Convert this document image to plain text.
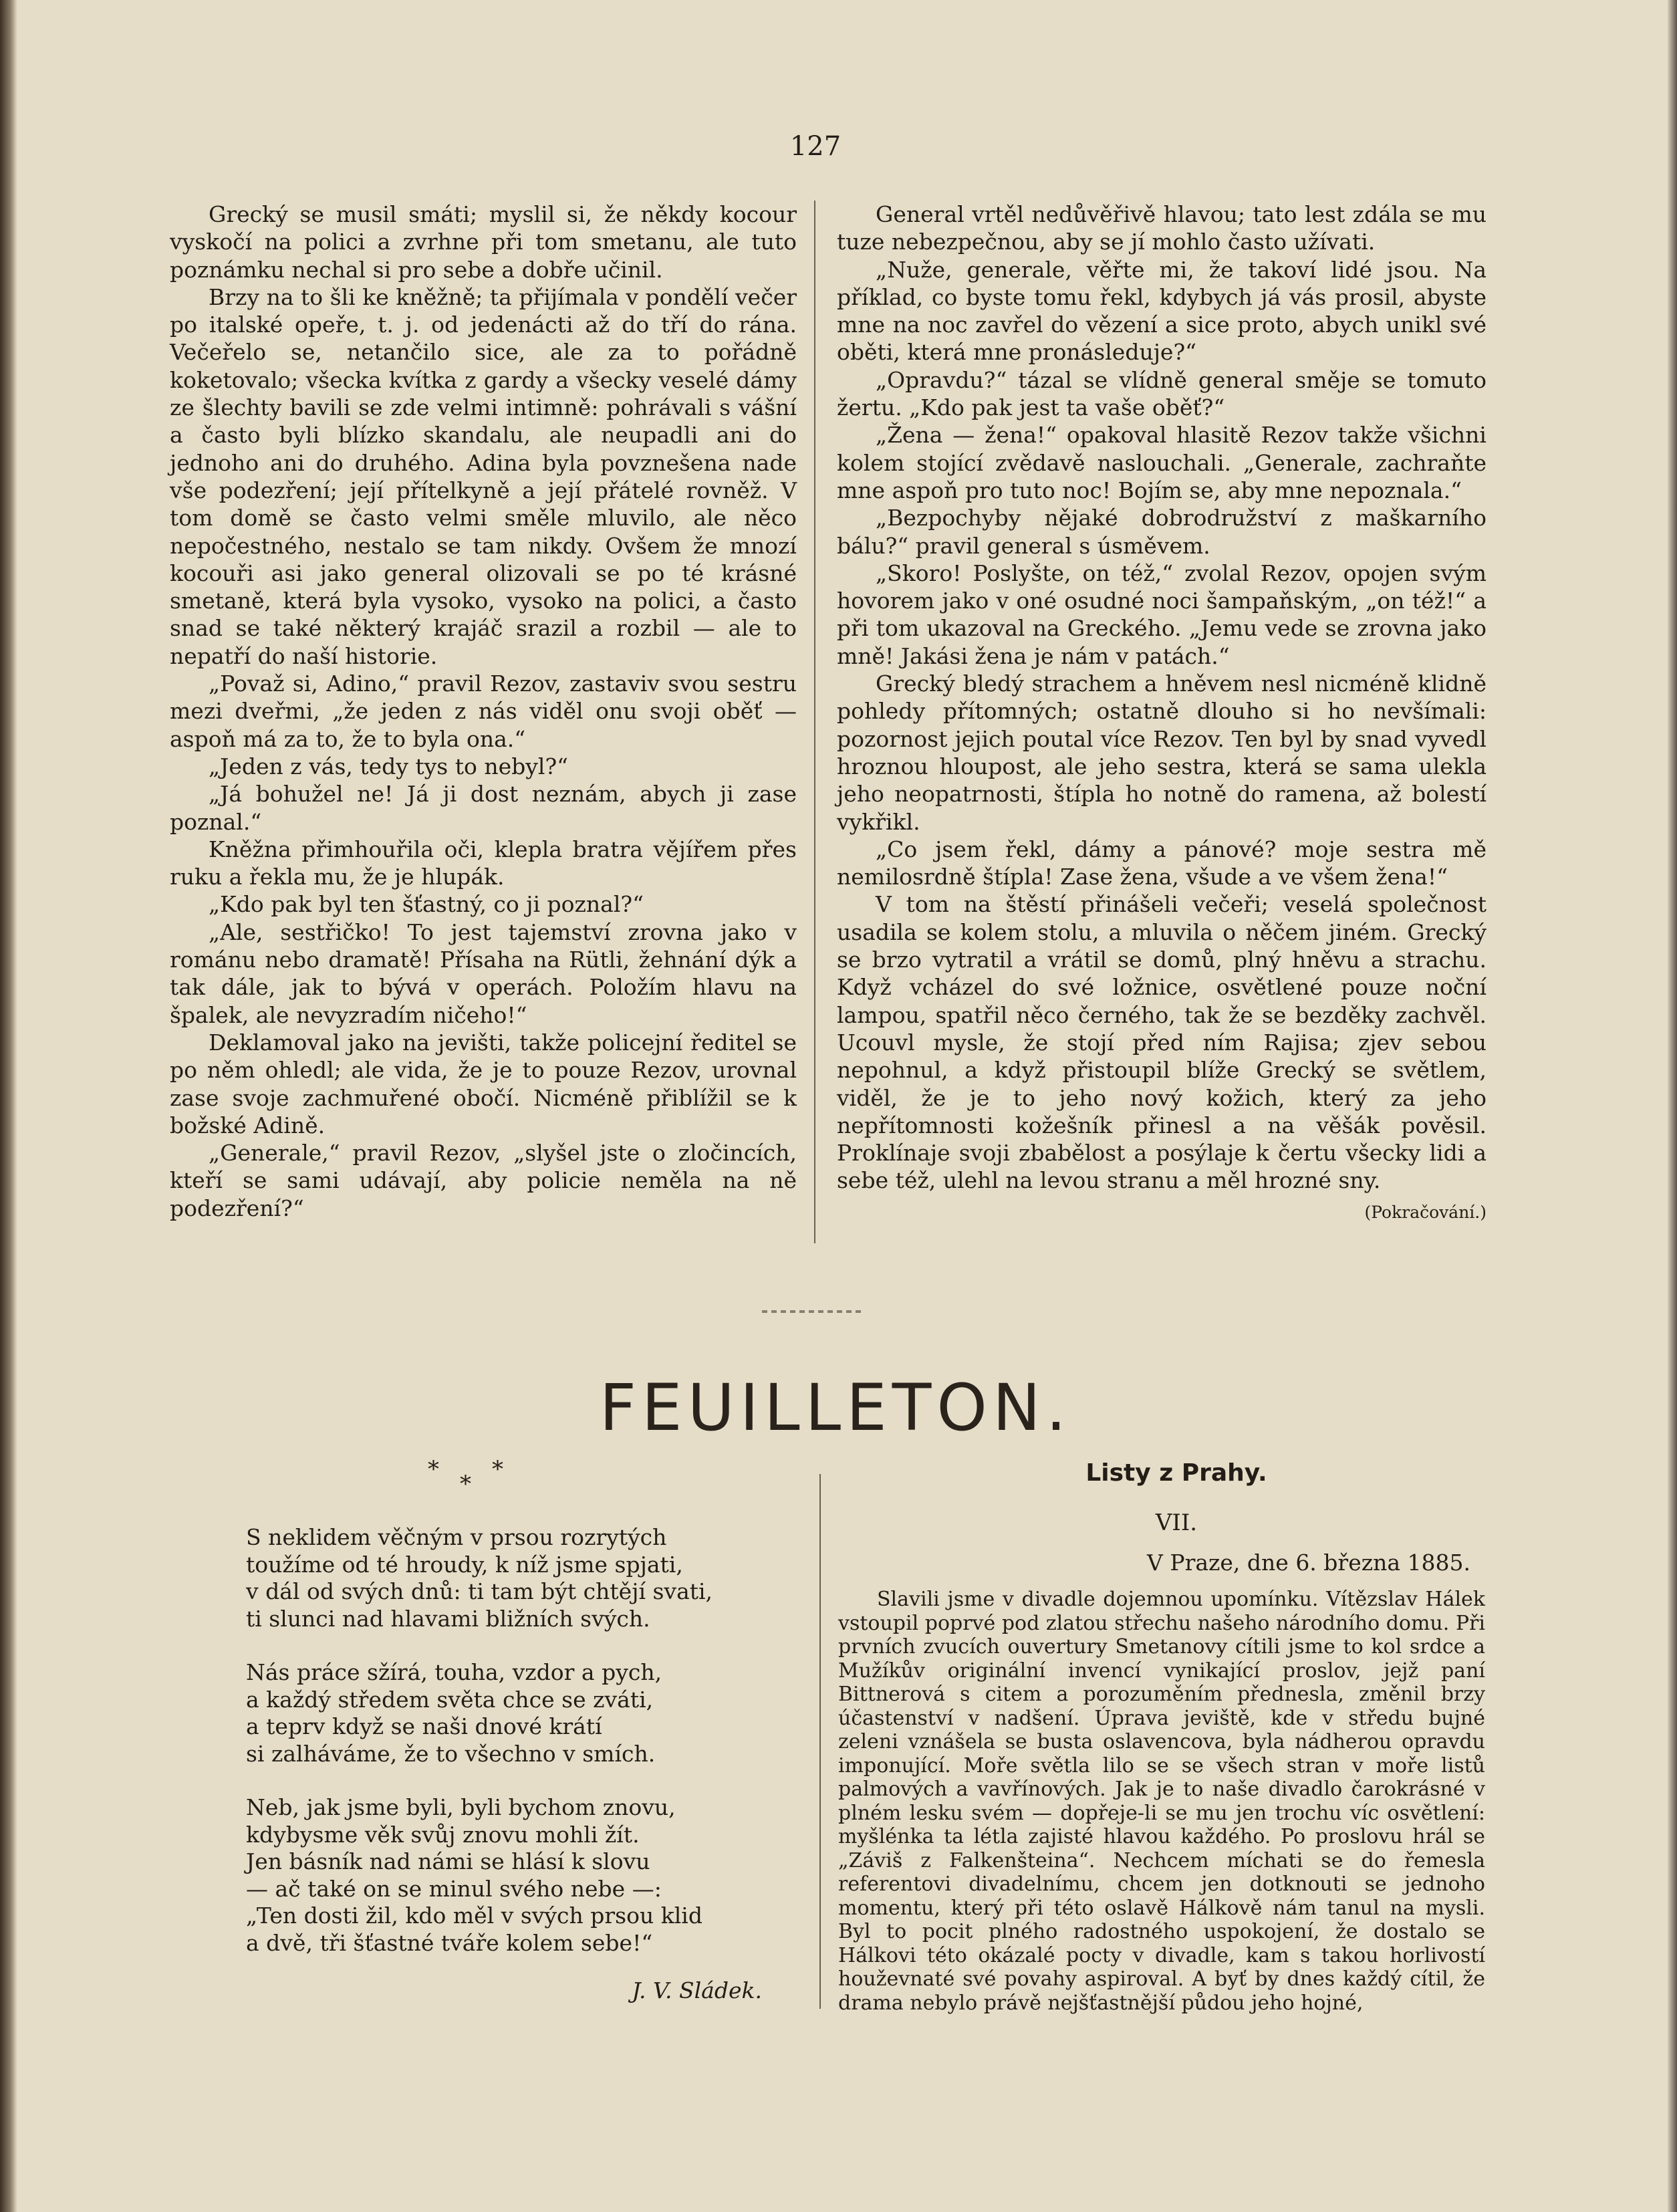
127

Grecký se musil smáti; myslil si, že někdy kocour vyskočí na polici a zvrhne při tom smetanu, ale tuto poznámku nechal si pro sebe a dobře učinil.

Brzy na to šli ke kněžně; ta přijímala v pondělí večer po italské opeře, t. j. od jedenácti až do tří do rána. Večeřelo se, netančilo sice, ale za to pořádně koketovalo; všecka kvítka z gardy a všecky veselé dámy ze šlechty bavili se zde velmi intimně: pohrávali s vášní a často byli blízko skandalu, ale neupadli ani do jednoho ani do druhého. Adina byla povznešena nade vše podezření; její přítelkyně a její přátelé rovněž. V tom domě se často velmi směle mluvilo, ale něco nepočestného, nestalo se tam nikdy. Ovšem že mnozí kocouři asi jako general olizovali se po té krásné smetaně, která byla vysoko, vysoko na polici, a často snad se také některý krajáč srazil a rozbil — ale to nepatří do naší historie.

„Považ si, Adino,“ pravil Rezov, zastaviv svou sestru mezi dveřmi, „že jeden z nás viděl onu svoji oběť — aspoň má za to, že to byla ona.“

„Jeden z vás, tedy tys to nebyl?“

„Já bohužel ne! Já ji dost neznám, abych ji zase poznal.“

Kněžna přimhouřila oči, klepla bratra vějířem přes ruku a řekla mu, že je hlupák.

„Kdo pak byl ten šťastný, co ji poznal?“

„Ale, sestřičko! To jest tajemství zrovna jako v románu nebo dramatě! Přísaha na Rütli, žehnání dýk a tak dále, jak to bývá v operách. Položím hlavu na špalek, ale nevyzradím ničeho!“

Deklamoval jako na jevišti, takže policejní ředitel se po něm ohledl; ale vida, že je to pouze Rezov, urovnal zase svoje zachmuřené obočí. Nicméně přiblížil se k božské Adině.

„Generale,“ pravil Rezov, „slyšel jste o zločincích, kteří se sami udávají, aby policie neměla na ně podezření?“

General vrtěl nedůvěřivě hlavou; tato lest zdála se mu tuze nebezpečnou, aby se jí mohlo často užívati.

„Nuže, generale, věřte mi, že takoví lidé jsou. Na příklad, co byste tomu řekl, kdybych já vás prosil, abyste mne na noc zavřel do vězení a sice proto, abych unikl své oběti, která mne pronásleduje?“

„Opravdu?“ tázal se vlídně general směje se tomuto žertu. „Kdo pak jest ta vaše oběť?“

„Žena — žena!“ opakoval hlasitě Rezov takže všichni kolem stojící zvědavě naslouchali. „Generale, zachraňte mne aspoň pro tuto noc! Bojím se, aby mne nepoznala.“

„Bezpochyby nějaké dobrodružství z maškarního bálu?“ pravil general s úsměvem.

„Skoro! Poslyšte, on též,“ zvolal Rezov, opojen svým hovorem jako v oné osudné noci šampaňským, „on též!“ a při tom ukazoval na Greckého. „Jemu vede se zrovna jako mně! Jakási žena je nám v patách.“

Grecký bledý strachem a hněvem nesl nicméně klidně pohledy přítomných; ostatně dlouho si ho nevšímali: pozornost jejich poutal více Rezov. Ten byl by snad vyvedl hroznou hloupost, ale jeho sestra, která se sama ulekla jeho neopatrnosti, štípla ho notně do ramena, až bolestí vykřikl.

„Co jsem řekl, dámy a pánové? moje sestra mě nemilosrdně štípla! Zase žena, všude a ve všem žena!“

V tom na štěstí přinášeli večeři; veselá společnost usadila se kolem stolu, a mluvila o něčem jiném. Grecký se brzo vytratil a vrátil se domů, plný hněvu a strachu. Když vcházel do své ložnice, osvětlené pouze noční lampou, spatřil něco černého, tak že se bezděky zachvěl. Ucouvl mysle, že stojí před ním Rajisa; zjev sebou nepohnul, a když přistoupil blíže Grecký se světlem, viděl, že je to jeho nový kožich, který za jeho nepřítomnosti kožešník přinesl a na věšák pověsil. Proklínaje svoji zbabělost a posýlaje k čertu všecky lidi a sebe též, ulehl na levou stranu a měl hrozné sny.
(Pokračování.)

FEUILLETON.
*
*
*
S neklidem věčným v prsou rozrytých
toužíme od té hroudy, k níž jsme spjati,
v dál od svých dnů: ti tam být chtějí svati,
ti slunci nad hlavami bližních svých.
Nás práce sžírá, touha, vzdor a pych,
a každý středem světa chce se zváti,
a teprv když se naši dnové krátí
si zalháváme, že to všechno v smích.
Neb, jak jsme byli, byli bychom znovu,
kdybysme věk svůj znovu mohli žít.
Jen básník nad námi se hlásí k slovu
— ač také on se minul svého nebe —:
„Ten dosti žil, kdo měl v svých prsou klid
a dvě, tři šťastné tváře kolem sebe!“
J. V. Sládek.
Listy z Prahy.
VII.
V Praze, dne 6. března 1885.

Slavili jsme v divadle dojemnou upomínku. Vítězslav Hálek vstoupil poprvé pod zlatou střechu našeho národního domu. Při prvních zvucích ouvertury Smetanovy cítili jsme to kol srdce a Mužíkův originální invencí vynikající proslov, jejž paní Bittnerová s citem a porozuměním přednesla, změnil brzy účastenství v nadšení. Úprava jeviště, kde v středu bujné zeleni vznášela se busta oslavencova, byla nádherou opravdu imponující. Moře světla lilo se se všech stran v moře listů palmových a vavřínových. Jak je to naše divadlo čarokrásné v plném lesku svém — dopřeje-li se mu jen trochu víc osvětlení: myšlénka ta létla zajisté hlavou každého. Po proslovu hrál se „Záviš z Falkenšteina“. Nechcem míchati se do řemesla referentovi divadelnímu, chcem jen dotknouti se jednoho momentu, který při této oslavě Hálkově nám tanul na mysli. Byl to pocit plného radostného uspokojení, že dostalo se Hálkovi této okázalé pocty v divadle, kam s takou horlivostí houževnaté své povahy aspiroval. A byť by dnes každý cítil, že drama nebylo právě nejšťastnější půdou jeho hojné,
